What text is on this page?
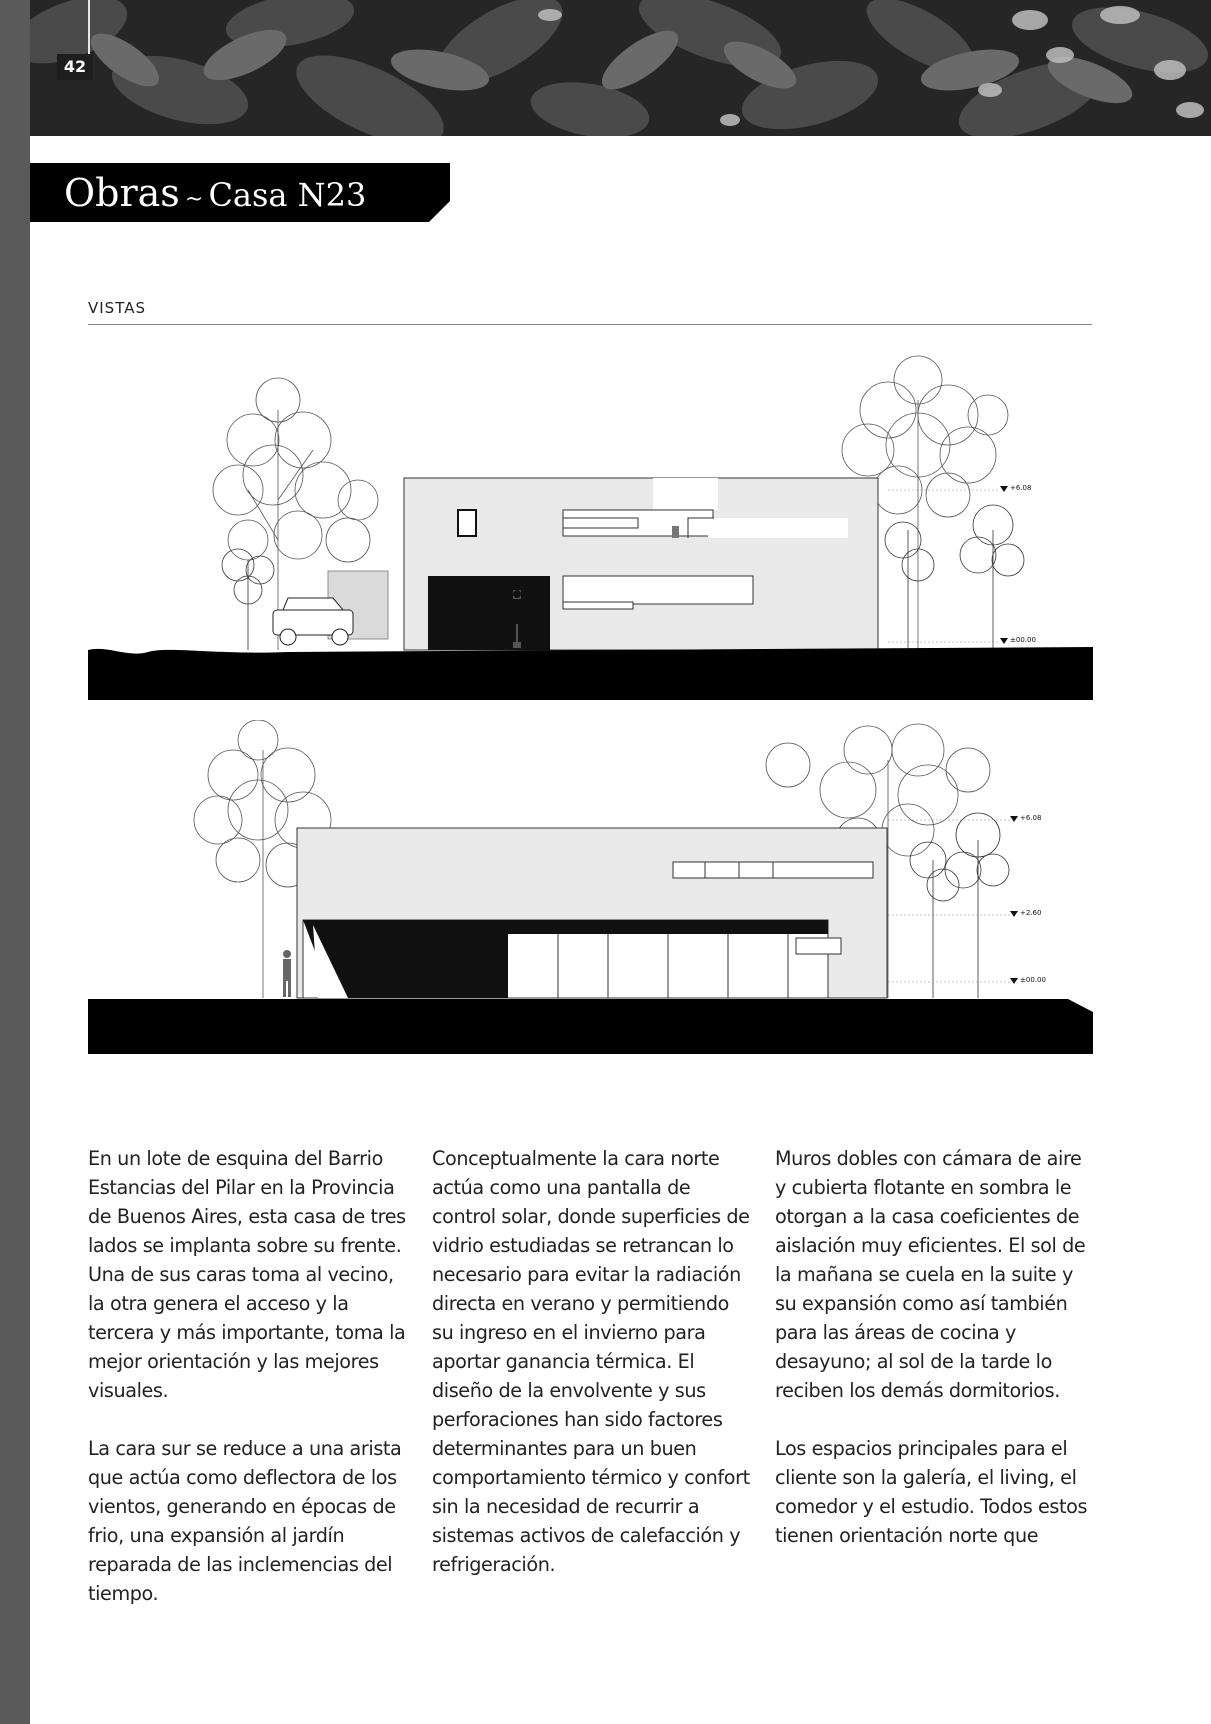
42
Obras ~ Casa N23
VISTAS
+6.08
±00.00
+6.08
+2.60
±00.00

En un lote de esquina del Barrio Estancias del Pilar en la Provincia de Buenos Aires, esta casa de tres lados se implanta sobre su frente. Una de sus caras toma al vecino, la otra genera el acceso y la tercera y más importante, toma la mejor orientación y las mejores visuales.

La cara sur se reduce a una arista que actúa como deflectora de los vientos, generando en épocas de frio, una expansión al jardín reparada de las inclemencias del tiempo.

Conceptualmente la cara norte actúa como una pantalla de control solar, donde superficies de vidrio estudiadas se retrancan lo necesario para evitar la radiación directa en verano y permitiendo su ingreso en el invierno para aportar ganancia térmica. El diseño de la envolvente y sus perforaciones han sido factores determinantes para un buen comportamiento térmico y confort sin la necesidad de recurrir a sistemas activos de calefacción y refrigeración.

Muros dobles con cámara de aire y cubierta flotante en sombra le otorgan a la casa coeficientes de aislación muy eficientes. El sol de la mañana se cuela en la suite y su expansión como así también para las áreas de cocina y desayuno; al sol de la tarde lo reciben los demás dormitorios.

Los espacios principales para el cliente son la galería, el living, el comedor y el estudio. Todos estos tienen orientación norte que
